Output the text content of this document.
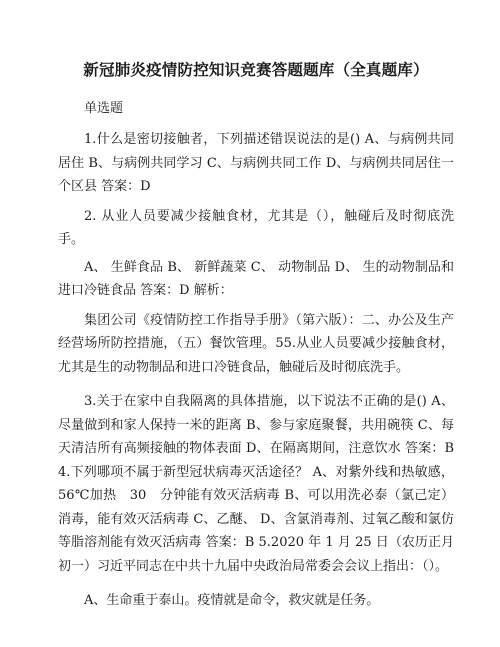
新冠肺炎疫情防控知识竞赛答题题库（全真题库）
单选题

1.什么是密切接触者，下列描述错误说法的是() A、与病例共同居住 B、与病例共同学习 C、与病例共同工作 D、与病例共同居住一个区县 答案：D

2. 从业人员要减少接触食材，尤其是（），触碰后及时彻底洗手。

A、 生鲜食品 B、 新鲜蔬菜 C、 动物制品 D、 生的动物制品和进口冷链食品 答案：D 解析：

集团公司《疫情防控工作指导手册》（第六版）：二、办公及生产经营场所防控措施，（五）餐饮管理。55.从业人员要减少接触食材，尤其是生的动物制品和进口冷链食品，触碰后及时彻底洗手。

3.关于在家中自我隔离的具体措施，以下说法不正确的是() A、尽量做到和家人保持一米的距离 B、参与家庭聚餐，共用碗筷 C、每天清洁所有高频接触的物体表面 D、在隔离期间，注意饮水 答案：B 4.下列哪项不属于新型冠状病毒灭活途径？ A、对紫外线和热敏感，56℃加热　30　分钟能有效灭活病毒 B、可以用洗必泰（氯己定）消毒，能有效灭活病毒 C、乙醚、 D、含氯消毒剂、过氧乙酸和氯仿等脂溶剂能有效灭活病毒 答案：B 5.2020 年 1 月 25 日（农历正月初一）习近平同志在中共十九届中央政治局常委会会议上指出：（）。

A、生命重于泰山。疫情就是命令，救灾就是任务。
